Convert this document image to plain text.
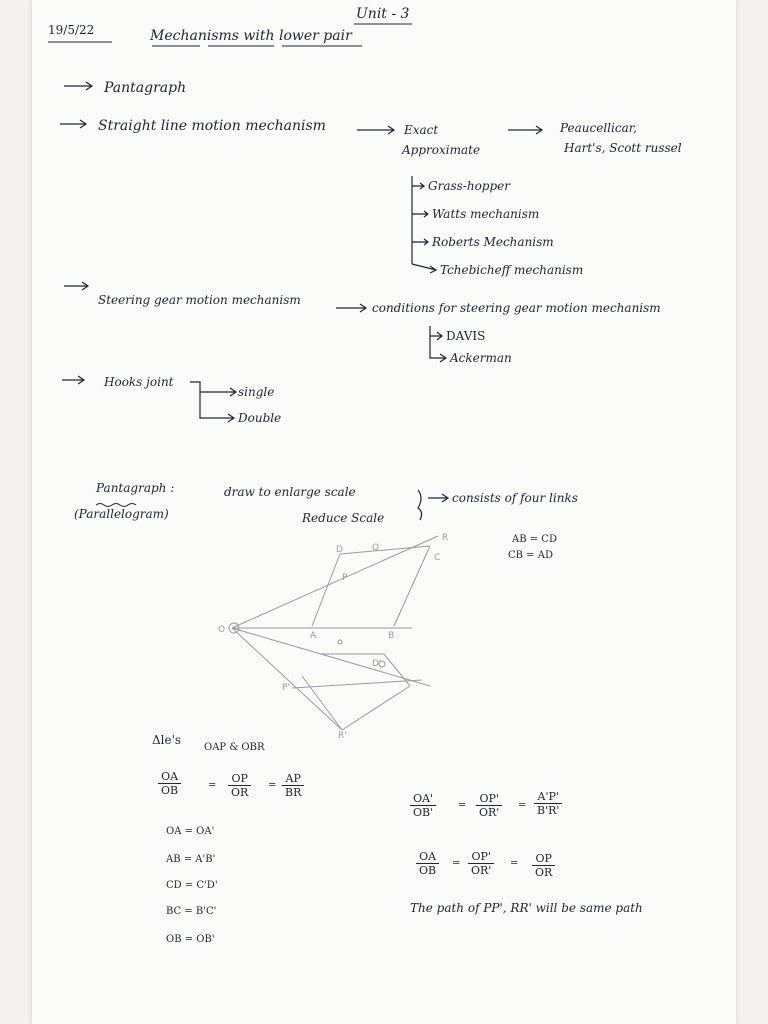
19/5/22
Unit - 3
Mechanisms with lower pair
Pantagraph
Straight line motion mechanism	Exact
Approximate
Peaucellicar,
Hart's, Scott russel
Grass-hopper
Watts mechanism
Roberts Mechanism
Tchebicheff mechanism
Steering gear motion mechanism
conditions for steering gear motion mechanism
DAVIS
Ackerman
Hooks joint
single
Double
Pantagraph :
(Parallelogram)
draw to enlarge scale
Reduce Scale
consists of four links
AB = CD
CB = AD
O
A	B
C
D
P
Q
R
P'
R'
D'
Δle's
OAP & OBR
$\frac{OA}{OB}$	= $\frac{OP}{OR} = \frac{AP}{BR}$
OA = OA'
AB = A'B'
CD = C'D'
BC = B'C'
OB = OB'
$\frac{OA'}{OB'} = \frac{OP'}{OR'} = \frac{A'P'}{B'R'}$
$\frac{OA}{OB} = \frac{OP'}{OR'} = \frac{OP}{OR}$
The path of PP', RR' will be same path
